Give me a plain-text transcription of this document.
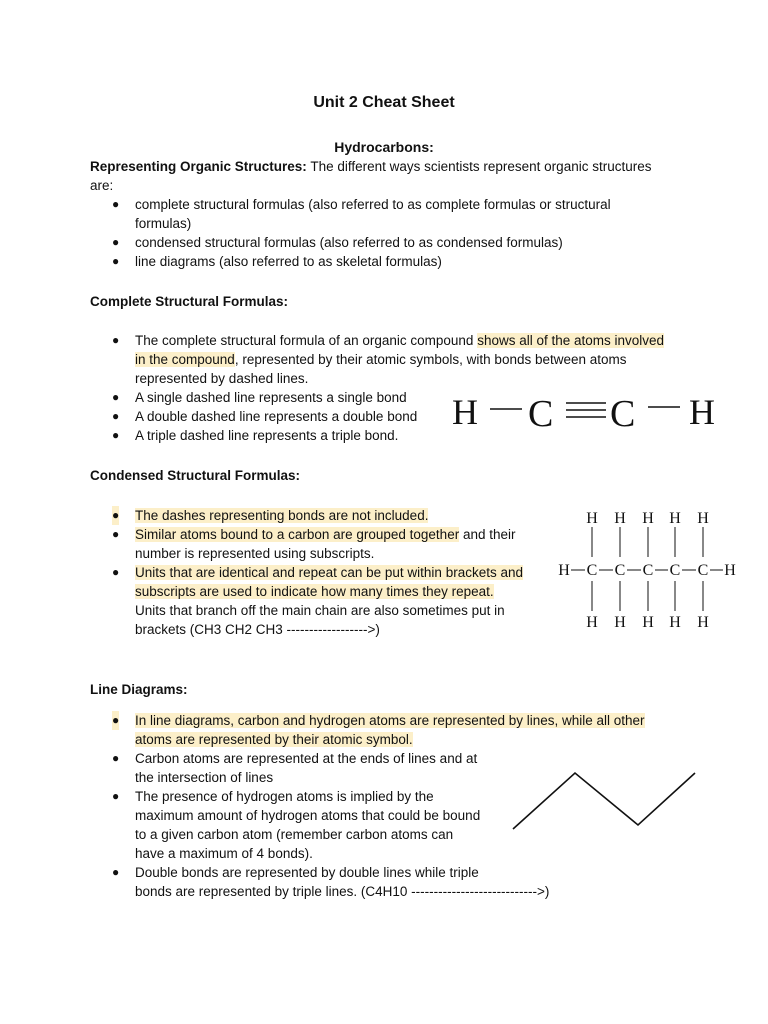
Unit 2 Cheat Sheet
Hydrocarbons:
Representing Organic Structures: The different ways scientists represent organic structures
are:
● complete structural formulas (also referred to as complete formulas or structural
formulas)
● condensed structural formulas (also referred to as condensed formulas)
● line diagrams (also referred to as skeletal formulas)
Complete Structural Formulas:
● The complete structural formula of an organic compound shows all of the atoms involved
in the compound, represented by their atomic symbols, with bonds between atoms
represented by dashed lines.
● A single dashed line represents a single bond
● A double dashed line represents a double bond
● A triple dashed line represents a triple bond.
H C C H
Condensed Structural Formulas:
● The dashes representing bonds are not included.
● Similar atoms bound to a carbon are grouped together and their
number is represented using subscripts.
● Units that are identical and repeat can be put within brackets and
subscripts are used to indicate how many times they repeat.
Units that branch off the main chain are also sometimes put in
brackets (CH3 CH2 CH3 ------------------>)
H H H H H
H C C C C C H
H H H H H
Line Diagrams:
● In line diagrams, carbon and hydrogen atoms are represented by lines, while all other
atoms are represented by their atomic symbol.
● Carbon atoms are represented at the ends of lines and at
the intersection of lines
● The presence of hydrogen atoms is implied by the
maximum amount of hydrogen atoms that could be bound
to a given carbon atom (remember carbon atoms can
have a maximum of 4 bonds).
● Double bonds are represented by double lines while triple
bonds are represented by triple lines. (C4H10 ---------------------------->)
